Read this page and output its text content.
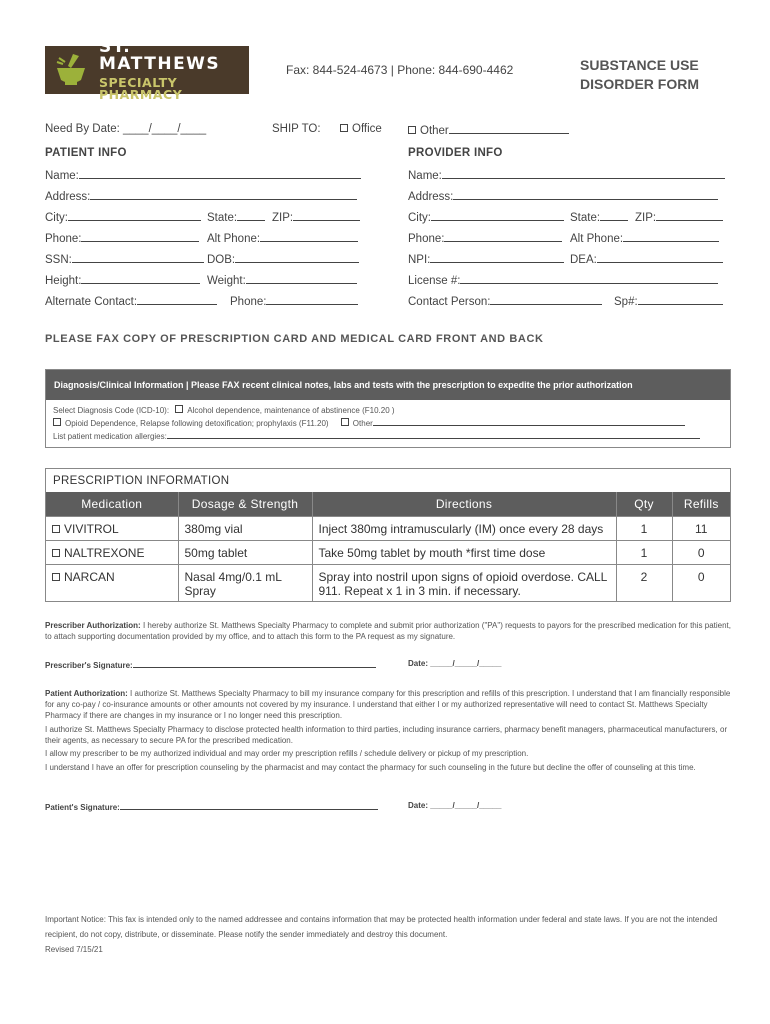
ST. MATTHEWS
SPECIALTY PHARMACY
Fax: 844-524-4673 | Phone: 844-690-4462	SUBSTANCE USE
DISORDER FORM
Need By Date: ____/____/____	SHIP TO:	Office	Other
PATIENT INFO
Name:
Address:
City:	State:	ZIP:
Phone:	Alt Phone:
SSN:	DOB:
Height:	Weight:
Alternate Contact:	Phone:
PROVIDER INFO
Name:
Address:
City:	State:	ZIP:
Phone:	Alt Phone:
NPI:	DEA:
License #:
Contact Person:	Sp#:
PLEASE FAX COPY OF PRESCRIPTION CARD AND MEDICAL CARD FRONT AND BACK
Diagnosis/Clinical Information | Please FAX recent clinical notes, labs and tests with the prescription to expedite the prior authorization
Select Diagnosis Code (ICD-10): Alcohol dependence, maintenance of abstinence (F10.20 )
Opioid Dependence, Relapse following detoxification; prophylaxis (F11.20)	Other
List patient medication allergies:
PRESCRIPTION INFORMATION
Medication	Dosage & Strength	Directions	Qty	Refills
VIVITROL	380mg vial	Inject 380mg intramuscularly (IM) once every 28 days	1	11
NALTREXONE	50mg tablet	Take 50mg tablet by mouth *first time dose	1	0
NARCAN	Nasal 4mg/0.1 mL Spray	Spray into nostril upon signs of opioid overdose. CALL 911. Repeat x 1 in 3 min. if necessary.	2	0
Prescriber Authorization: I hereby authorize St. Matthews Specialty Pharmacy to complete and submit prior authorization ("PA") requests to payors for the prescribed medication for this patient, to attach supporting documentation provided by my office, and to attach this form to the PA request as my signature.
Prescriber's Signature:	Date: _____/_____/_____
Patient Authorization: I authorize St. Matthews Specialty Pharmacy to bill my insurance company for this prescription and refills of this prescription. I understand that I am financially responsible for any co-pay / co-insurance amounts or other amounts not covered by my insurance. I understand that either I or my authorized representative will need to contact St. Matthews Specialty Pharmacy if there are changes in my insurance or I no longer need this prescription.
I authorize St. Matthews Specialty Pharmacy to disclose protected health information to third parties, including insurance carriers, pharmacy benefit managers, pharmaceutical manufacturers, or their agents, as necessary to secure PA for the prescribed medication.
I allow my prescriber to be my authorized individual and may order my prescription refills / schedule delivery or pickup of my prescription.
I understand I have an offer for prescription counseling by the pharmacist and may contact the pharmacy for such counseling in the future but decline the offer of counseling at this time.
Patient's Signature:	Date: _____/_____/_____
Important Notice: This fax is intended only to the named addressee and contains information that may be protected health information under federal and state laws. If you are not the intended recipient, do not copy, distribute, or disseminate. Please notify the sender immediately and destroy this document.
Revised 7/15/21
